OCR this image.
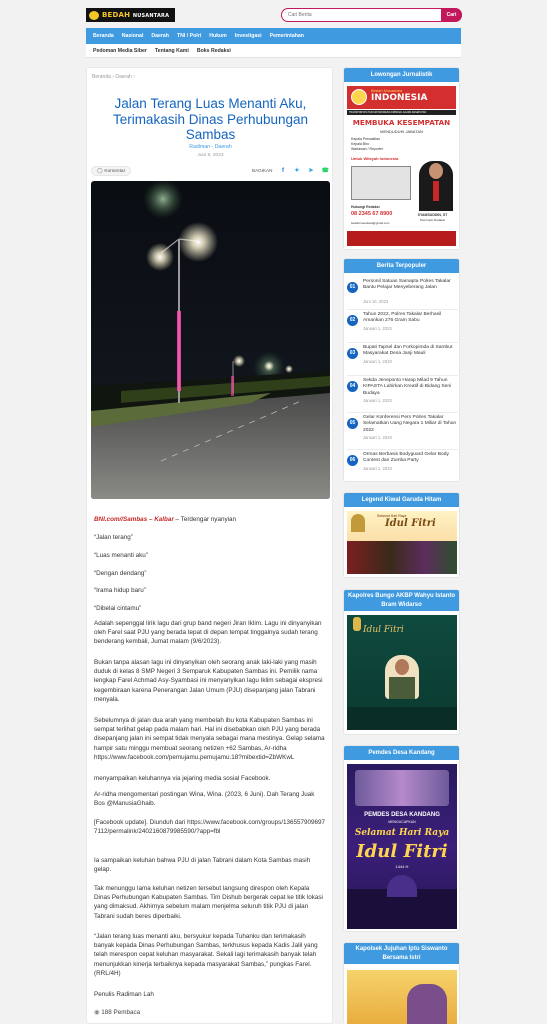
BEDAH NUSANTARA
Cari Berita	Cari
Beranda	Nasional	Daerah	TNI / Polri	Hukum	Investigasi	Pemerintahan
Pedoman Media Siber	Tentang Kami	Boks Redaksi
Beranda › Daerah ›
Jalan Terang Luas Menanti Aku, Terimakasih Dinas Perhubungan Sambas
Radiman - Daerah
Juni 9, 2023
◯ Komentar	BAGIKAN	f	✦ ➤ ☎
BNI.com//Sambas – Kalbar – Terdengar nyanyian
“Jalan terang”
“Luas menanti aku”
“Dengan dendang”
“Irama hidup baru”
“Dibelai cintamu”
Adalah sepenggal lirik lagu dari grup band negeri Jiran Iklim. Lagu ini dinyanyikan oleh Farel saat PJU yang berada tepat di depan tempat tinggalnya sudah terang benderang kembali, Jumat malam (9/6/2023).
Bukan tanpa alasan lagu ini dinyanyikan oleh seorang anak laki-laki yang masih duduk di kelas 8 SMP Negeri 3 Semparuk Kabupaten Sambas ini. Pemilik nama lengkap Farel Achmad Asy-Syambasi ini menyanyikan lagu Iklim sebagai ekspresi kegembiraan karena Penerangan Jalan Umum (PJU) disepanjang jalan Tabrani menyala.
Sebelumnya di jalan dua arah yang membelah ibu kota Kabupaten Sambas ini sempat terlihat gelap pada malam hari. Hal ini disebabkan oleh PJU yang berada disepanjang jalan ini sempat tidak menyala sebagai mana mestinya. Gelap selama hampir satu minggu membuat seorang netizen +62 Sambas, Ar-ridha https://www.facebook.com/pemujamu.pemujamu.18?mibextid=ZbWKwL
menyampaikan keluhannya via jejaring media sosial Facebook.
Ar-ridha mengomentari postingan Wina, Wina. (2023, 6 Juni). Dah Terang Juak Bos @ManusiaGhaib.
[Facebook update]. Diunduh dari https://www.facebook.com/groups/1365579096977112/permalink/2402160879985590/?app=fbl
Ia sampaikan keluhan bahwa PJU di jalan Tabrani dalam Kota Sambas masih gelap.
Tak menunggu lama keluhan netizen tersebut langsung direspon oleh Kepala Dinas Perhubungan Kabupaten Sambas. Tim Dishub bergerak cepat ke titik lokasi yang dimaksud. Akhirnya sebelum malam menjelma seluruh titik PJU di jalan Tabrani sudah beres diperbaiki.
“Jalan terang luas menanti aku, bersyukur kepada Tuhanku dan terimakasih banyak kepada Dinas Perhubungan Sambas, terkhusus kepada Kadis Jalil yang telah merespon cepat keluhan masyarakat. Sekali lagi terimakasih banyak telah menunjukkan kinerja terbaiknya kepada masyarakat Sambas,” pungkas Farel. (RRL/4H)
Penulis Radiman Lah
◉ 188 Pembaca
Lowongan Jurnalistik
Bedah Nusantara
INDONESIA
TRANSPORTASI HUKUM INDONESIA KRIMINAL AGAMA KESEHATAN
MEMBUKA KESEMPATAN
MENDUDUKI JABATAN
Kepala Perwakilan
Kepala Biro
Wartawan / Reporter
Untuk Wilayah Indonesia
SYAMSUDDIN, ST
Pemimpin Redaksi
Hubungi Redaksi
08 2345 67 8900
bedahnusantara@gmail.com
Berita Terpopuler
01
Personil Satuan Samapta Polres Takalar Bantu Pelajar Menyeberang Jalan
Juni 10, 2023
02
Tahun 2022, Polres Takalar Berhasil Amankan 276 Gram Sabu
Januari 1, 2023
03
Bupati Tapsel dan Forkopimda di Sambut Masyarakat Desa Janji Mauli
Januari 1, 2023
04
Sekda Jeneponto Harap Milad 9 Tahun KIPASTA Lahirkan Kreatif di Bidang Seni Budaya
Januari 1, 2023
05
Gelar Konferensi Pers Polres Takalar Selamatkan Uang Negara 1 Miliar di Tahun 2022
Januari 1, 2023
06
Ormas Berbasis Bodyguard Gelar Body Contest dan Zumba Party
Januari 1, 2023
Legend Kiwal Garuda Hitam
Selamat Hari Raya
Idul Fitri
Kapolres Bungo AKBP Wahyu Istanto Bram Widarso
Idul Fitri
Pemdes Desa Kandang
PEMDES DESA KANDANG
MENGUCAPKAN
Selamat Hari Raya
Idul Fitri
1444 H
Kapolsek Jujuhan Iptu Siswanto Bersama Istri
